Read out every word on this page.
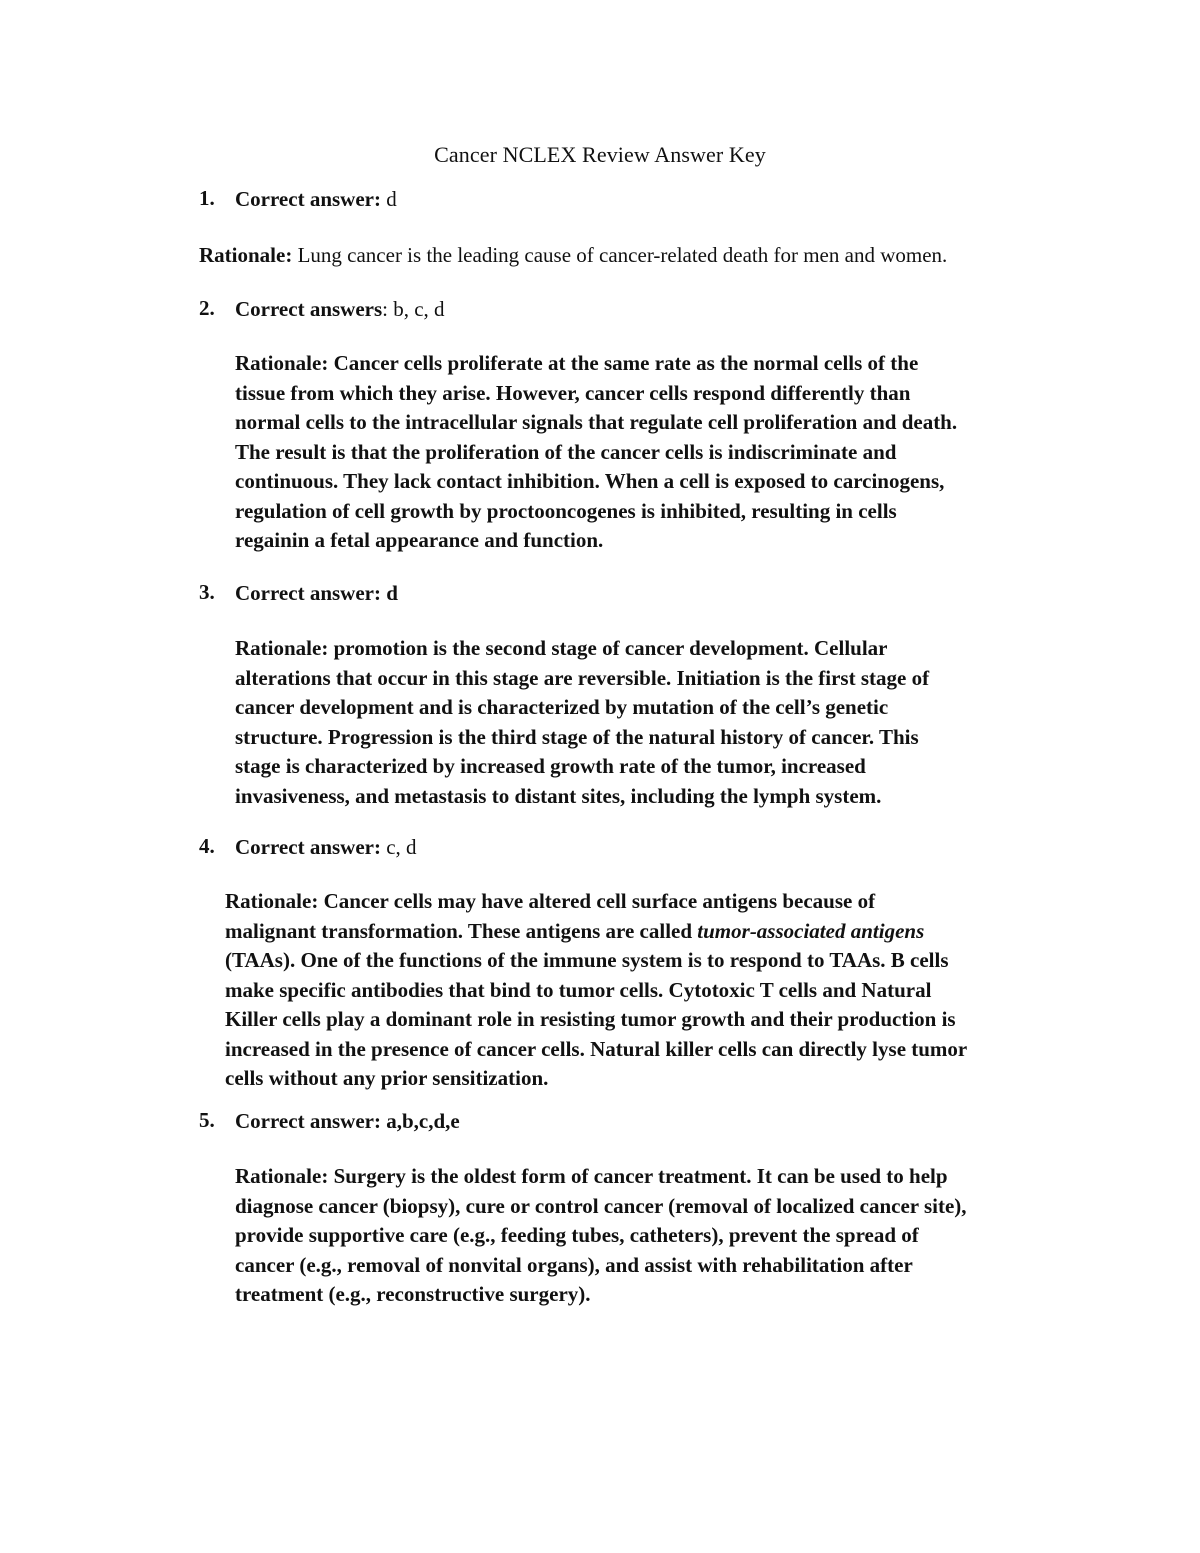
Cancer NCLEX Review Answer Key
1. Correct answer: d
Rationale: Lung cancer is the leading cause of cancer-related death for men and women.
2. Correct answers: b, c, d
Rationale: Cancer cells proliferate at the same rate as the normal cells of the
tissue from which they arise. However, cancer cells respond differently than
normal cells to the intracellular signals that regulate cell proliferation and death.
The result is that the proliferation of the cancer cells is indiscriminate and
continuous. They lack contact inhibition. When a cell is exposed to carcinogens,
regulation of cell growth by proctooncogenes is inhibited, resulting in cells
regainin a fetal appearance and function.
3. Correct answer: d
Rationale: promotion is the second stage of cancer development. Cellular
alterations that occur in this stage are reversible. Initiation is the first stage of
cancer development and is characterized by mutation of the cell’s genetic
structure. Progression is the third stage of the natural history of cancer. This
stage is characterized by increased growth rate of the tumor, increased
invasiveness, and metastasis to distant sites, including the lymph system.
4. Correct answer: c, d
Rationale: Cancer cells may have altered cell surface antigens because of
malignant transformation. These antigens are called tumor-associated antigens
(TAAs). One of the functions of the immune system is to respond to TAAs. B cells
make specific antibodies that bind to tumor cells. Cytotoxic T cells and Natural
Killer cells play a dominant role in resisting tumor growth and their production is
increased in the presence of cancer cells. Natural killer cells can directly lyse tumor
cells without any prior sensitization.
5. Correct answer: a,b,c,d,e
Rationale: Surgery is the oldest form of cancer treatment. It can be used to help
diagnose cancer (biopsy), cure or control cancer (removal of localized cancer site),
provide supportive care (e.g., feeding tubes, catheters), prevent the spread of
cancer (e.g., removal of nonvital organs), and assist with rehabilitation after
treatment (e.g., reconstructive surgery).
